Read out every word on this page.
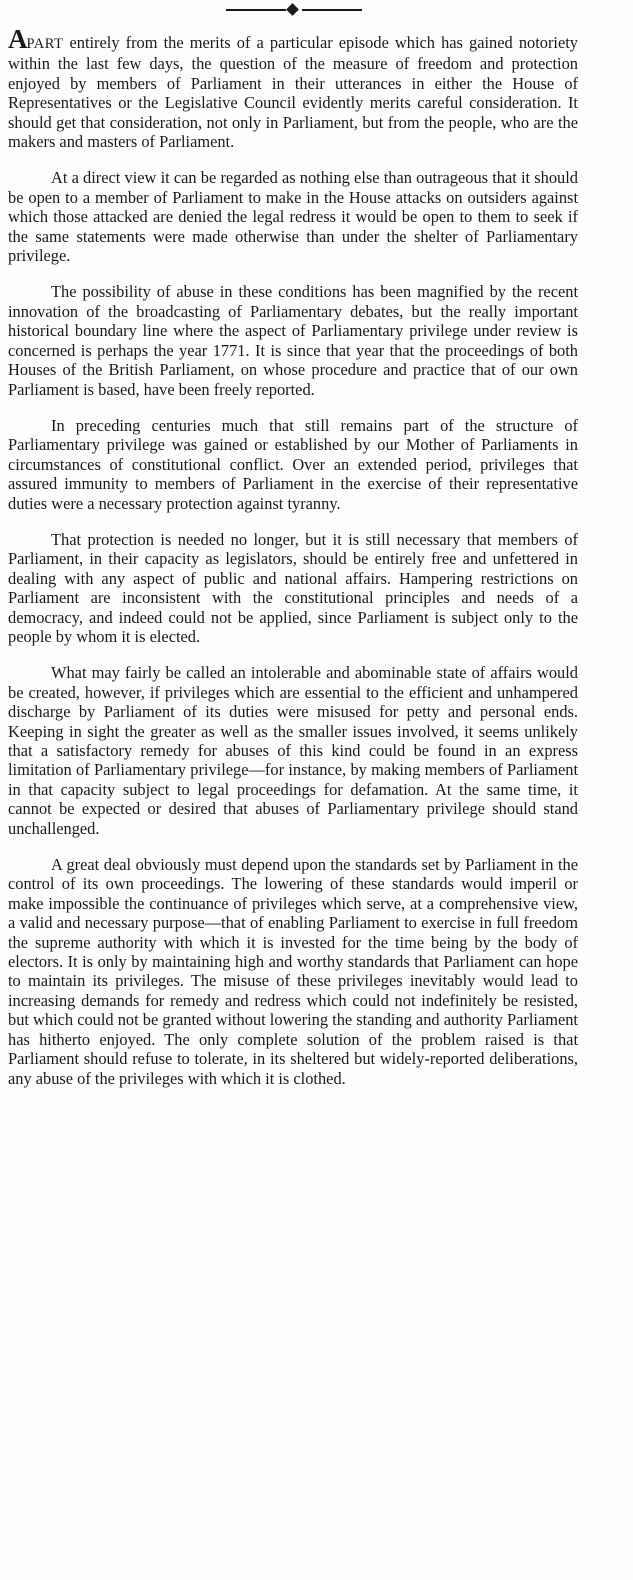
APART entirely from the merits of a particular episode which has gained notoriety within the last few days, the question of the measure of freedom and protection enjoyed by members of Parliament in their utterances in either the House of Representatives or the Legislative Council evidently merits careful consideration. It should get that consideration, not only in Parliament, but from the people, who are the makers and masters of Parliament.

At a direct view it can be regarded as nothing else than outrageous that it should be open to a member of Parliament to make in the House attacks on outsiders against which those attacked are denied the legal redress it would be open to them to seek if the same statements were made otherwise than under the shelter of Parliamentary privilege.

The possibility of abuse in these conditions has been magnified by the recent innovation of the broadcasting of Parliamentary debates, but the really important historical boundary line where the aspect of Parliamentary privilege under review is concerned is perhaps the year 1771. It is since that year that the proceedings of both Houses of the British Parliament, on whose procedure and practice that of our own Parliament is based, have been freely reported.

In preceding centuries much that still remains part of the structure of Parliamentary privilege was gained or established by our Mother of Parliaments in circumstances of constitutional conflict. Over an extended period, privileges that assured immunity to members of Parliament in the exercise of their representative duties were a necessary protection against tyranny.

That protection is needed no longer, but it is still necessary that members of Parliament, in their capacity as legislators, should be entirely free and unfettered in dealing with any aspect of public and national affairs. Hampering restrictions on Parliament are inconsistent with the constitutional principles and needs of a democracy, and indeed could not be applied, since Parliament is subject only to the people by whom it is elected.

What may fairly be called an intolerable and abominable state of affairs would be created, however, if privileges which are essential to the efficient and unhampered discharge by Parliament of its duties were misused for petty and personal ends. Keeping in sight the greater as well as the smaller issues involved, it seems unlikely that a satisfactory remedy for abuses of this kind could be found in an express limitation of Parliamentary privilege—for instance, by making members of Parliament in that capacity subject to legal proceedings for defamation. At the same time, it cannot be expected or desired that abuses of Parliamentary privilege should stand unchallenged.

A great deal obviously must depend upon the standards set by Parliament in the control of its own proceedings. The lowering of these standards would imperil or make impossible the continuance of privileges which serve, at a comprehensive view, a valid and necessary purpose—that of enabling Parliament to exercise in full freedom the supreme authority with which it is invested for the time being by the body of electors. It is only by maintaining high and worthy standards that Parliament can hope to maintain its privileges. The misuse of these privileges inevitably would lead to increasing demands for remedy and redress which could not indefinitely be resisted, but which could not be granted without lowering the standing and authority Parliament has hitherto enjoyed. The only complete solution of the problem raised is that Parliament should refuse to tolerate, in its sheltered but widely-reported deliberations, any abuse of the privileges with which it is clothed.
